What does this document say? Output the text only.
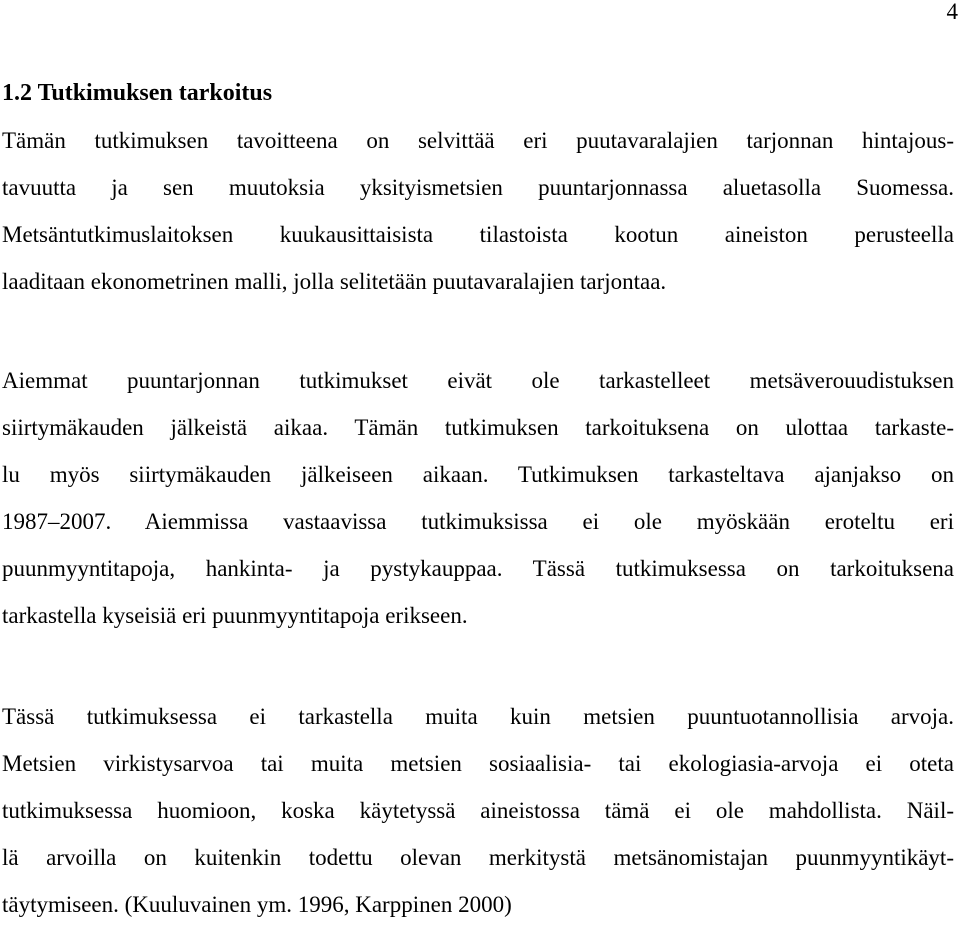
4
1.2 Tutkimuksen tarkoitus
Tämän tutkimuksen tavoitteena on selvittää eri puutavaralajien tarjonnan hintajous-
tavuutta ja sen muutoksia yksityismetsien puuntarjonnassa aluetasolla Suomessa.
Metsäntutkimuslaitoksen kuukausittaisista tilastoista kootun aineiston perusteella
laaditaan ekonometrinen malli, jolla selitetään puutavaralajien tarjontaa.
Aiemmat puuntarjonnan tutkimukset eivät ole tarkastelleet metsäverouudistuksen
siirtymäkauden jälkeistä aikaa. Tämän tutkimuksen tarkoituksena on ulottaa tarkaste-
lu myös siirtymäkauden jälkeiseen aikaan. Tutkimuksen tarkasteltava ajanjakso on
1987–2007. Aiemmissa vastaavissa tutkimuksissa ei ole myöskään eroteltu eri
puunmyyntitapoja, hankinta- ja pystykauppaa. Tässä tutkimuksessa on tarkoituksena
tarkastella kyseisiä eri puunmyyntitapoja erikseen.
Tässä tutkimuksessa ei tarkastella muita kuin metsien puuntuotannollisia arvoja.
Metsien virkistysarvoa tai muita metsien sosiaalisia- tai ekologiasia-arvoja ei oteta
tutkimuksessa huomioon, koska käytetyssä aineistossa tämä ei ole mahdollista. Näil-
lä arvoilla on kuitenkin todettu olevan merkitystä metsänomistajan puunmyyntikäyt-
täytymiseen. (Kuuluvainen ym. 1996, Karppinen 2000)
